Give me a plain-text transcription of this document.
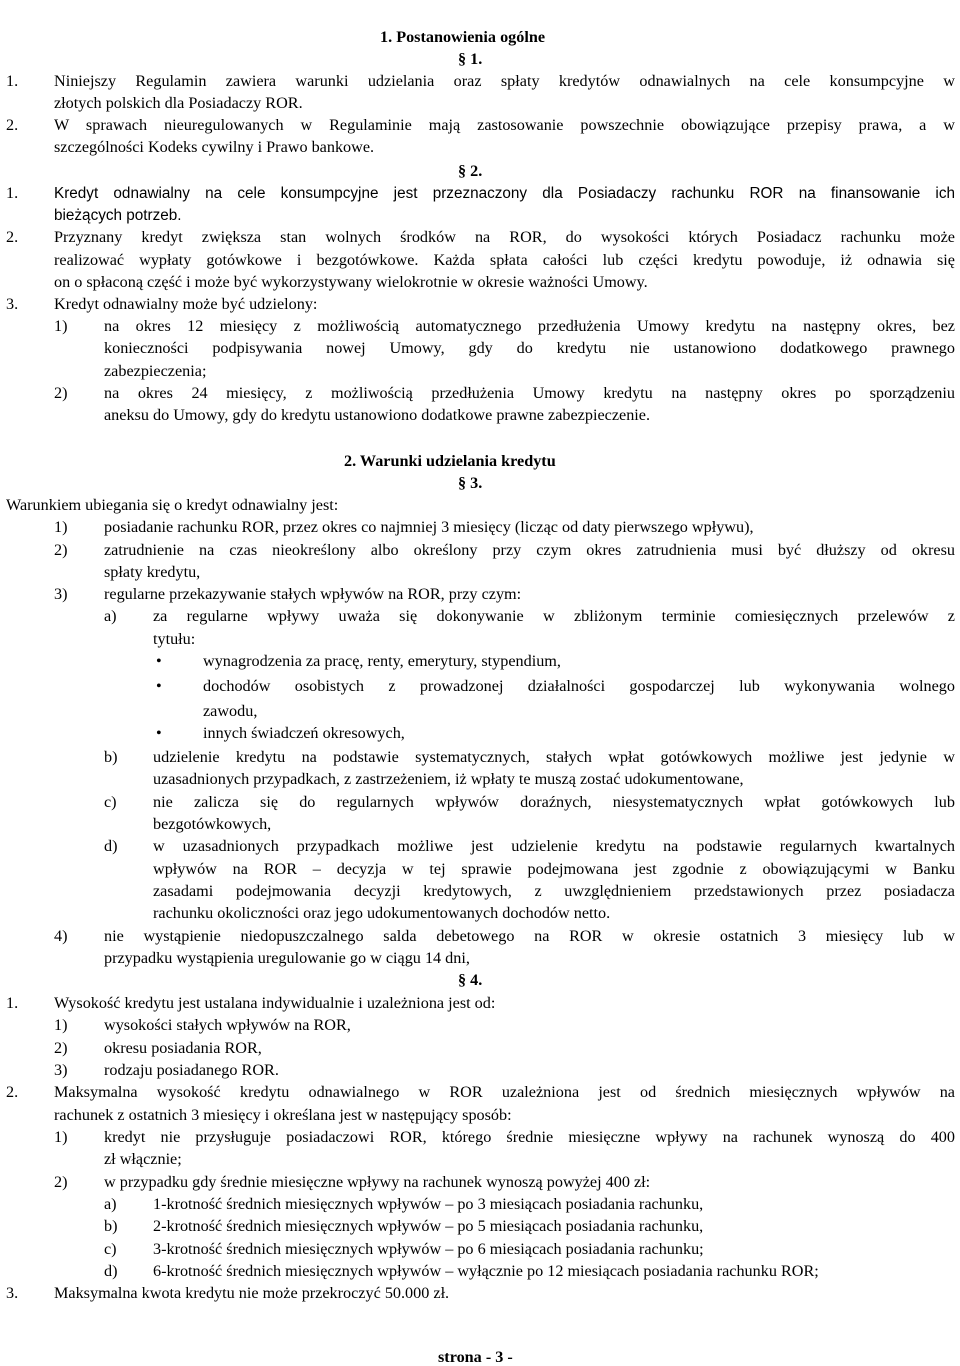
1. Postanowienia ogólne
§ 1.
1. Niniejszy Regulamin zawiera warunki udzielania oraz spłaty kredytów odnawialnych na cele konsumpcyjne w
złotych polskich dla Posiadaczy ROR.
2. W sprawach nieuregulowanych w Regulaminie mają zastosowanie powszechnie obowiązujące przepisy prawa, a w
szczególności Kodeks cywilny i Prawo bankowe.
§ 2.
1. Kredyt odnawialny na cele konsumpcyjne jest przeznaczony dla Posiadaczy rachunku ROR na finansowanie ich
bieżących potrzeb.
2. Przyznany kredyt zwiększa stan wolnych środków na ROR, do wysokości których Posiadacz rachunku może
realizować wypłaty gotówkowe i bezgotówkowe. Każda spłata całości lub części kredytu powoduje, iż odnawia się
on o spłaconą część i może być wykorzystywany wielokrotnie w okresie ważności Umowy.
3. Kredyt odnawialny może być udzielony:
1) na okres 12 miesięcy z możliwością automatycznego przedłużenia Umowy kredytu na następny okres, bez
konieczności podpisywania nowej Umowy, gdy do kredytu nie ustanowiono dodatkowego prawnego
zabezpieczenia;
2) na okres 24 miesięcy, z możliwością przedłużenia Umowy kredytu na następny okres po sporządzeniu
aneksu do Umowy, gdy do kredytu ustanowiono dodatkowe prawne zabezpieczenie.
2. Warunki udzielania kredytu
§ 3.
Warunkiem ubiegania się o kredyt odnawialny jest:
1) posiadanie rachunku ROR, przez okres co najmniej 3 miesięcy (licząc od daty pierwszego wpływu),
2) zatrudnienie na czas nieokreślony albo określony przy czym okres zatrudnienia musi być dłuższy od okresu
spłaty kredytu,
3) regularne przekazywanie stałych wpływów na ROR, przy czym:
a) za regularne wpływy uważa się dokonywanie w zbliżonym terminie comiesięcznych przelewów z
tytułu:
•	wynagrodzenia za pracę, renty, emerytury, stypendium,
•	dochodów osobistych z prowadzonej działalności gospodarczej lub wykonywania wolnego
zawodu,
•	innych świadczeń okresowych,
b) udzielenie kredytu na podstawie systematycznych, stałych wpłat gotówkowych możliwe jest jedynie w
uzasadnionych przypadkach, z zastrzeżeniem, iż wpłaty te muszą zostać udokumentowane,
c) nie zalicza się do regularnych wpływów doraźnych, niesystematycznych wpłat gotówkowych lub
bezgotówkowych,
d) w uzasadnionych przypadkach możliwe jest udzielenie kredytu na podstawie regularnych kwartalnych
wpływów na ROR – decyzja w tej sprawie podejmowana jest zgodnie z obowiązującymi w Banku
zasadami podejmowania decyzji kredytowych, z uwzględnieniem przedstawionych przez posiadacza
rachunku okoliczności oraz jego udokumentowanych dochodów netto.
4) nie wystąpienie niedopuszczalnego salda debetowego na ROR w okresie ostatnich 3 miesięcy lub w
przypadku wystąpienia uregulowanie go w ciągu 14 dni,
§ 4.
1. Wysokość kredytu jest ustalana indywidualnie i uzależniona jest od:
1) wysokości stałych wpływów na ROR,
2) okresu posiadania ROR,
3) rodzaju posiadanego ROR.
2. Maksymalna wysokość kredytu odnawialnego w ROR uzależniona jest od średnich miesięcznych wpływów na
rachunek z ostatnich 3 miesięcy i określana jest w następujący sposób:
1) kredyt nie przysługuje posiadaczowi ROR, którego średnie miesięczne wpływy na rachunek wynoszą do 400
zł włącznie;
2) w przypadku gdy średnie miesięczne wpływy na rachunek wynoszą powyżej 400 zł:
a) 1-krotność średnich miesięcznych wpływów – po 3 miesiącach posiadania rachunku,
b) 2-krotność średnich miesięcznych wpływów – po 5 miesiącach posiadania rachunku,
c) 3-krotność średnich miesięcznych wpływów – po 6 miesiącach posiadania rachunku;
d) 6-krotność średnich miesięcznych wpływów – wyłącznie po 12 miesiącach posiadania rachunku ROR;
3. Maksymalna kwota kredytu nie może przekroczyć 50.000 zł.
strona - 3 -
